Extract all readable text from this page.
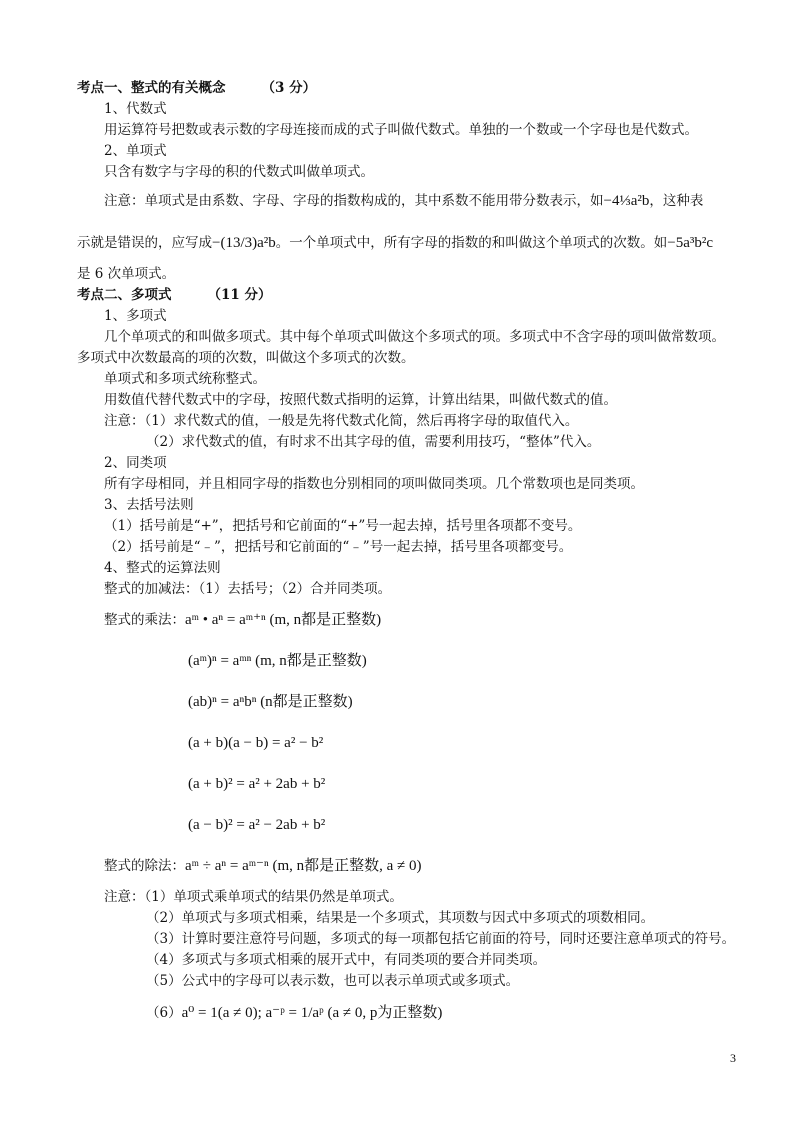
考点一、整式的有关概念	（3 分）
1、代数式
用运算符号把数或表示数的字母连接而成的式子叫做代数式。单独的一个数或一个字母也是代数式。
2、单项式
只含有数字与字母的积的代数式叫做单项式。
注意：单项式是由系数、字母、字母的指数构成的，其中系数不能用带分数表示，如−4⅓a²b，这种表
示就是错误的，应写成−(13/3)a²b。一个单项式中，所有字母的指数的和叫做这个单项式的次数。如−5a³b²c
是 6 次单项式。
考点二、多项式	（11 分）
1、多项式
几个单项式的和叫做多项式。其中每个单项式叫做这个多项式的项。多项式中不含字母的项叫做常数项。
多项式中次数最高的项的次数，叫做这个多项式的次数。
单项式和多项式统称整式。
用数值代替代数式中的字母，按照代数式指明的运算，计算出结果，叫做代数式的值。
注意：（1）求代数式的值，一般是先将代数式化简，然后再将字母的取值代入。
（2）求代数式的值，有时求不出其字母的值，需要利用技巧，“整体”代入。
2、同类项
所有字母相同，并且相同字母的指数也分别相同的项叫做同类项。几个常数项也是同类项。
3、去括号法则
（1）括号前是“+”，把括号和它前面的“+”号一起去掉，括号里各项都不变号。
（2）括号前是“﹣”，把括号和它前面的“﹣”号一起去掉，括号里各项都变号。
4、整式的运算法则
整式的加减法：（1）去括号；（2）合并同类项。
整式的乘法：aᵐ • aⁿ = aᵐ⁺ⁿ (m, n都是正整数)
(aᵐ)ⁿ = aᵐⁿ (m, n都是正整数)
(ab)ⁿ = aⁿbⁿ (n都是正整数)
(a + b)(a − b) = a² − b²
(a + b)² = a² + 2ab + b²
(a − b)² = a² − 2ab + b²
整式的除法：aᵐ ÷ aⁿ = aᵐ⁻ⁿ (m, n都是正整数, a ≠ 0)
注意：（1）单项式乘单项式的结果仍然是单项式。
（2）单项式与多项式相乘，结果是一个多项式，其项数与因式中多项式的项数相同。
（3）计算时要注意符号问题，多项式的每一项都包括它前面的符号，同时还要注意单项式的符号。
（4）多项式与多项式相乘的展开式中，有同类项的要合并同类项。
（5）公式中的字母可以表示数，也可以表示单项式或多项式。
（6）a⁰ = 1(a ≠ 0); a⁻ᵖ = 1/aᵖ (a ≠ 0, p为正整数)
3
